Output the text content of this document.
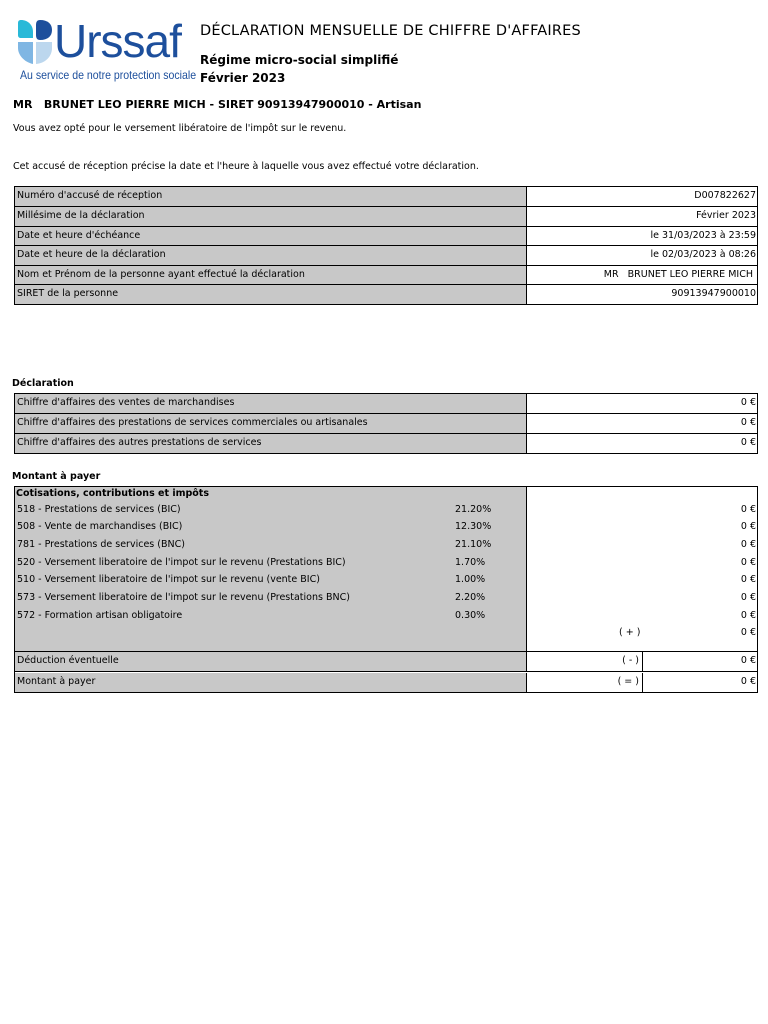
Urssaf
Au service de notre protection sociale
DÉCLARATION MENSUELLE DE CHIFFRE D'AFFAIRES
Régime micro-social simplifié
Février 2023
MR   BRUNET LEO PIERRE MICH - SIRET 90913947900010 - Artisan
Vous avez opté pour le versement libératoire de l'impôt sur le revenu.
Cet accusé de réception précise la date et l'heure à laquelle vous avez effectué votre déclaration.
Numéro d'accusé de réception	D007822627
Millésime de la déclaration	Février 2023
Date et heure d'échéance	le 31/03/2023 à 23:59
Date et heure de la déclaration	le 02/03/2023 à 08:26
Nom et Prénom de la personne ayant effectué la déclaration	MR   BRUNET LEO PIERRE MICH
SIRET de la personne	90913947900010
Déclaration
Chiffre d'affaires des ventes de marchandises	0 €
Chiffre d'affaires des prestations de services commerciales ou artisanales	0 €
Chiffre d'affaires des autres prestations de services	0 €
Montant à payer
Cotisations, contributions et impôts
518 - Prestations de services (BIC)	21.20%	0 €
508 - Vente de marchandises (BIC)	12.30%	0 €
781 - Prestations de services (BNC)	21.10%	0 €
520 - Versement liberatoire de l'impot sur le revenu (Prestations BIC)	1.70%	0 €
510 - Versement liberatoire de l'impot sur le revenu (vente BIC)	1.00%	0 €
573 - Versement liberatoire de l'impot sur le revenu (Prestations BNC)	2.20%	0 €
572 - Formation artisan obligatoire	0.30%	0 €
( + )	0 €
Déduction éventuelle	( - )	0 €
Montant à payer	( = )	0 €
